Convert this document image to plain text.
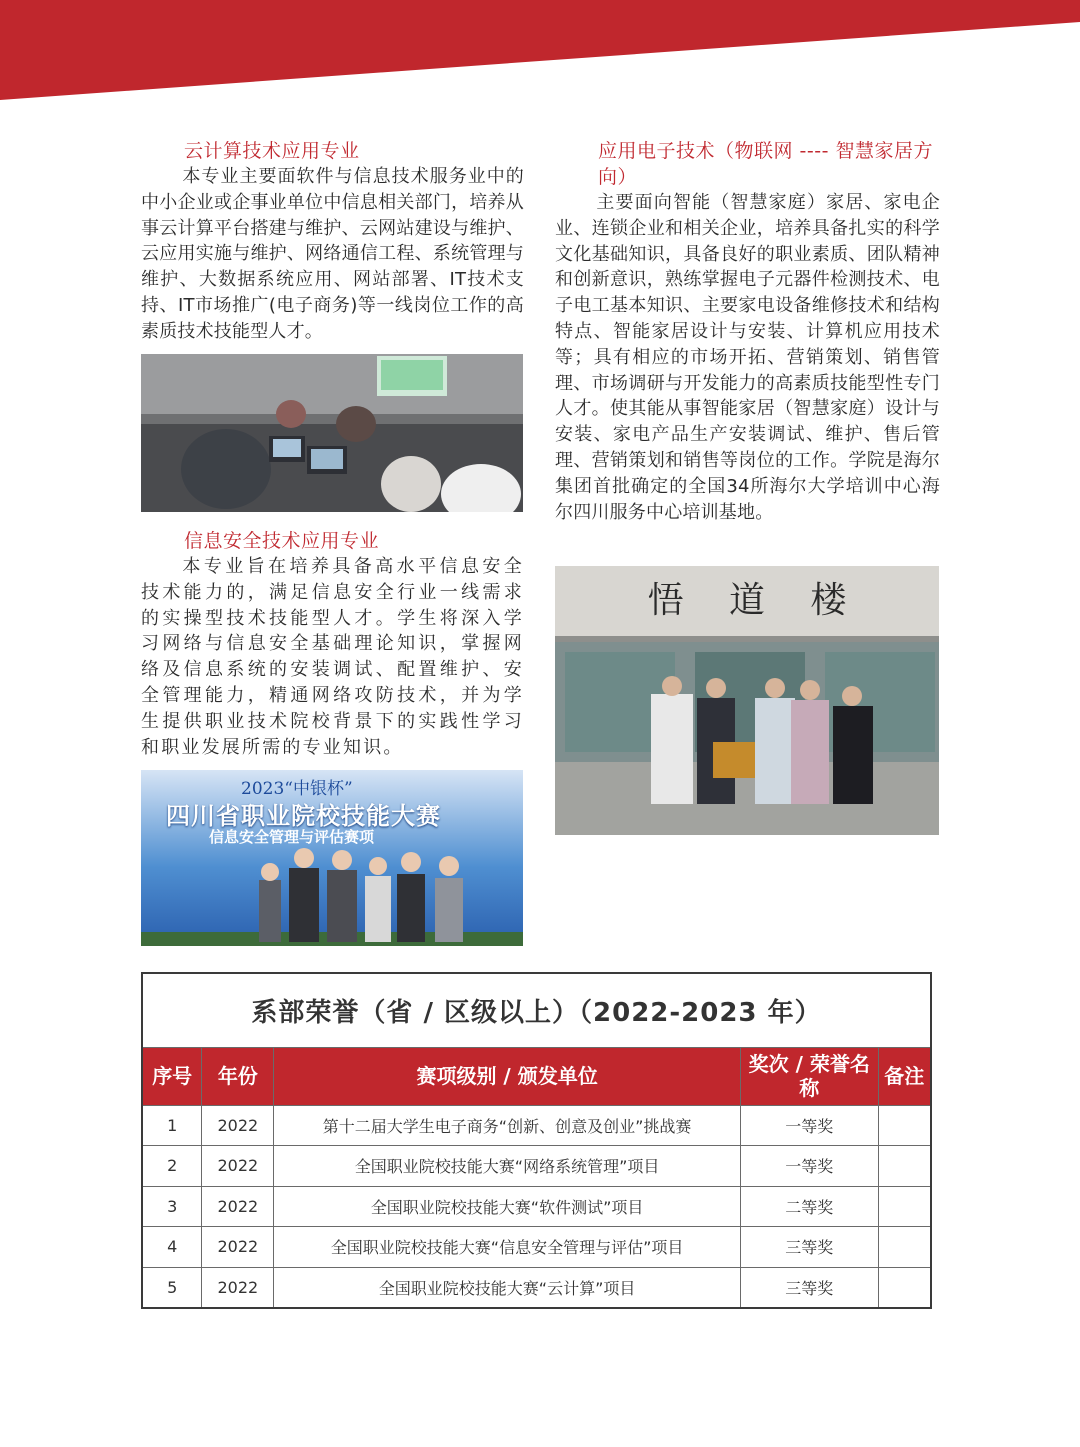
云计算技术应用专业

本专业主要面软件与信息技术服务业中的中小企业或企事业单位中信息相关部门，培养从事云计算平台搭建与维护、云网站建设与维护、云应用实施与维护、网络通信工程、系统管理与维护、大数据系统应用、网站部署、IT技术支持、IT市场推广(电子商务)等一线岗位工作的高素质技术技能型人才。

信息安全技术应用专业

本专业旨在培养具备高水平信息安全技术能力的，满足信息安全行业一线需求的实操型技术技能型人才。学生将深入学习网络与信息安全基础理论知识，掌握网络及信息系统的安装调试、配置维护、安全管理能力，精通网络攻防技术，并为学生提供职业技术院校背景下的实践性学习和职业发展所需的专业知识。

2023“中银杯”
四川省职业院校技能大赛
信息安全管理与评估赛项
应用电子技术（物联网 ---- 智慧家居方向）

主要面向智能（智慧家庭）家居、家电企业、连锁企业和相关企业，培养具备扎实的科学文化基础知识，具备良好的职业素质、团队精神和创新意识，熟练掌握电子元器件检测技术、电子电工基本知识、主要家电设备维修技术和结构特点、智能家居设计与安装、计算机应用技术等；具有相应的市场开拓、营销策划、销售管理、市场调研与开发能力的高素质技能型性专门人才。使其能从事智能家居（智慧家庭）设计与安装、家电产品生产安装调试、维护、售后管理、营销策划和销售等岗位的工作。学院是海尔集团首批确定的全国34所海尔大学培训中心海尔四川服务中心培训基地。

悟 道 楼
系部荣誉（省 / 区级以上）（2022-2023 年）				
序号	年份	赛项级别 / 颁发单位	奖次 / 荣誉名称	备注
1	2022	第十二届大学生电子商务“创新、创意及创业”挑战赛	一等奖	
2	2022	全国职业院校技能大赛“网络系统管理”项目	一等奖	
3	2022	全国职业院校技能大赛“软件测试”项目	二等奖	
4	2022	全国职业院校技能大赛“信息安全管理与评估”项目	三等奖	
5	2022	全国职业院校技能大赛“云计算”项目	三等奖	
